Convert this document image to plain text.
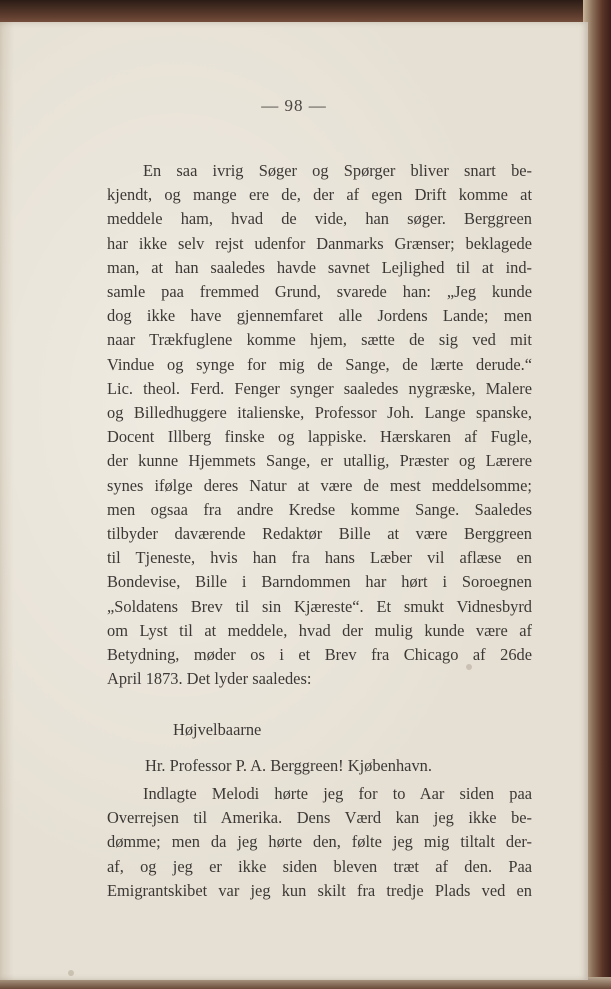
— 98 —
En saa ivrig Søger og Spørger bliver snart be-
kjendt, og mange ere de, der af egen Drift komme at
meddele ham, hvad de vide, han søger. Berggreen
har ikke selv rejst udenfor Danmarks Grænser; beklagede
man, at han saaledes havde savnet Lejlighed til at ind-
samle paa fremmed Grund, svarede han: „Jeg kunde
dog ikke have gjennemfaret alle Jordens Lande; men
naar Trækfuglene komme hjem, sætte de sig ved mit
Vindue og synge for mig de Sange, de lærte derude.“
Lic. theol. Ferd. Fenger synger saaledes nygræske, Malere
og Billedhuggere italienske, Professor Joh. Lange spanske,
Docent Illberg finske og lappiske. Hærskaren af Fugle,
der kunne Hjemmets Sange, er utallig, Præster og Lærere
synes ifølge deres Natur at være de mest meddelsomme;
men ogsaa fra andre Kredse komme Sange. Saaledes
tilbyder daværende Redaktør Bille at være Berggreen
til Tjeneste, hvis han fra hans Læber vil aflæse en
Bondevise, Bille i Barndommen har hørt i Soroegnen
„Soldatens Brev til sin Kjæreste“. Et smukt Vidnesbyrd
om Lyst til at meddele, hvad der mulig kunde være af
Betydning, møder os i et Brev fra Chicago af 26de
April 1873. Det lyder saaledes:
Højvelbaarne
Hr. Professor P. A. Berggreen! Kjøbenhavn.
Indlagte Melodi hørte jeg for to Aar siden paa
Overrejsen til Amerika. Dens Værd kan jeg ikke be-
dømme; men da jeg hørte den, følte jeg mig tiltalt der-
af, og jeg er ikke siden bleven træt af den. Paa
Emigrantskibet var jeg kun skilt fra tredje Plads ved en
